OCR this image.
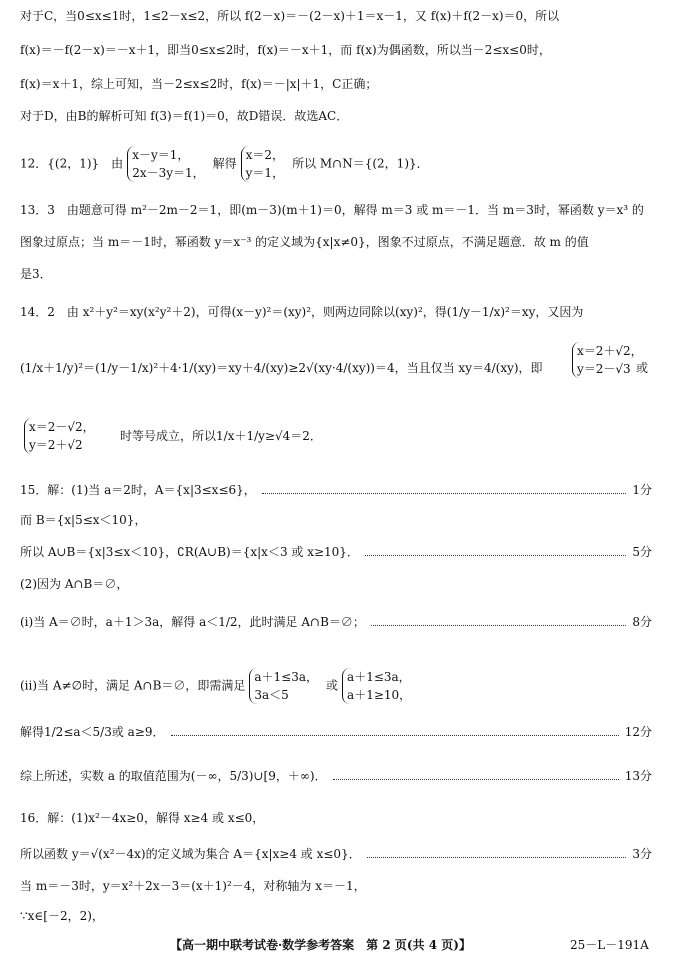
对于C，当0≤x≤1时，1≤2－x≤2，所以 f(2－x)＝－(2－x)＋1＝x－1，又 f(x)＋f(2－x)＝0，所以
f(x)＝－f(2－x)＝－x＋1，即当0≤x≤2时，f(x)＝－x＋1，而 f(x)为偶函数，所以当－2≤x≤0时，
f(x)＝x＋1，综上可知，当－2≤x≤2时，f(x)＝－|x|＋1，C正确；
对于D，由B的解析可知 f(3)＝f(1)＝0，故D错误．故选AC．
12．{(2，1)}　由x－y＝1，
2x－3y＝1，解得x＝2，
y＝1，所以 M∩N＝{(2，1)}．
13．3　由题意可得 m²－2m－2＝1，即(m－3)(m＋1)＝0，解得 m＝3 或 m＝－1．当 m＝3时，幂函数 y＝x³ 的
图象过原点；当 m＝－1时，幂函数 y＝x⁻³ 的定义域为{x|x≠0}，图象不过原点，不满足题意．故 m 的值
是3．
14．2　由 x²＋y²＝xy(x²y²＋2)，可得(x－y)²＝(xy)²，则两边同除以(xy)²，得(1/y－1/x)²＝xy，又因为
(1/x＋1/y)²＝(1/y－1/x)²＋4·1/(xy)＝xy＋4/(xy)≥2√(xy·4/(xy))＝4，当且仅当 xy＝4/(xy)，即
x＝2＋√2，
y＝2－√3 或
x＝2－√2，
y＝2＋√2
时等号成立，所以1/x＋1/y≥√4＝2．
15．解：(1)当 a＝2时，A＝{x|3≤x≤6}，	1分
而 B＝{x|5≤x＜10}，
所以 A∪B＝{x|3≤x＜10}，∁R(A∪B)＝{x|x＜3 或 x≥10}．	5分
(2)因为 A∩B＝∅，
(i)当 A＝∅时，a＋1＞3a，解得 a＜1/2，此时满足 A∩B＝∅；	8分
(ii)当 A≠∅时，满足 A∩B＝∅，即需满足a＋1≤3a，
3a＜5或a＋1≤3a，
a＋1≥10，
解得1/2≤a＜5/3或 a≥9．	12分
综上所述，实数 a 的取值范围为(－∞，5/3)∪[9，＋∞)．	13分
16．解：(1)x²－4x≥0，解得 x≥4 或 x≤0，
所以函数 y＝√(x²－4x)的定义域为集合 A＝{x|x≥4 或 x≤0}．	3分
当 m＝－3时，y＝x²＋2x－3＝(x＋1)²－4，对称轴为 x＝－1，
∵x∈[－2，2)，
【高一期中联考试卷·数学参考答案　第 2 页(共 4 页)】	25－L－191A
